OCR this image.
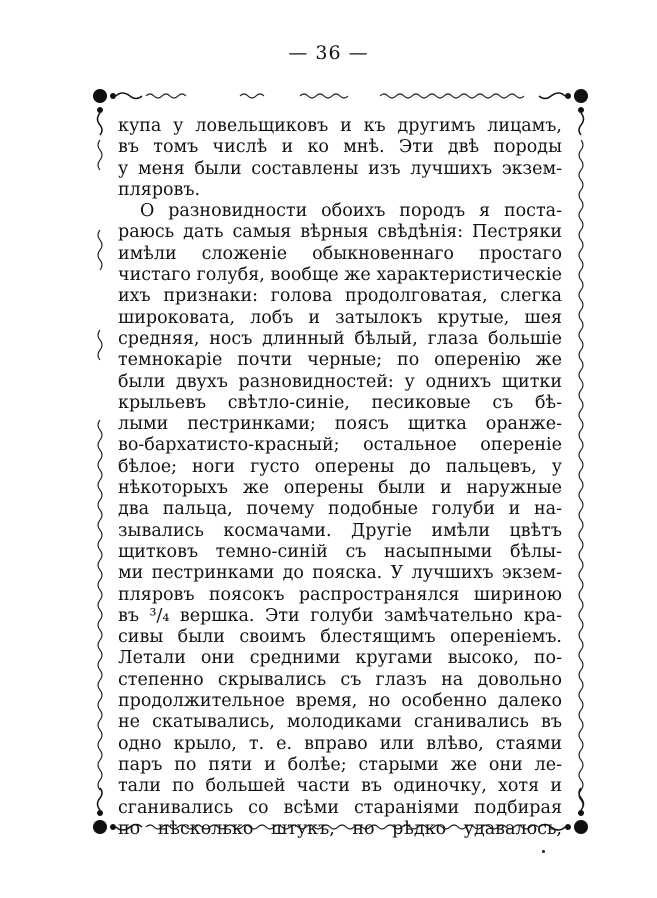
— 36 —
купа у ловельщиковъ и къ другимъ лицамъ,
въ томъ числѣ и ко мнѣ. Эти двѣ породы
у меня были составлены изъ лучшихъ экзем-
пляровъ.
О разновидности обоихъ породъ я поста-
раюсь дать самыя вѣрныя свѣдѣнія: Пестряки
имѣли сложеніе обыкновеннаго простаго
чистаго голубя, вообще же характеристическіе
ихъ признаки: голова продолговатая, слегка
широковата, лобъ и затылокъ крутые, шея
средняя, носъ длинный бѣлый, глаза большіе
темнокаріе почти черные; по оперенію же
были двухъ разновидностей: у однихъ щитки
крыльевъ свѣтло-синіе, песиковые съ бѣ-
лыми пестринками; поясъ щитка оранже-
во-бархатисто-красный; остальное опереніе
бѣлое; ноги густо оперены до пальцевъ, у
нѣкоторыхъ же оперены были и наружные
два пальца, почему подобные голуби и на-
зывались космачами. Другіе имѣли цвѣтъ
щитковъ темно-синій съ насыпными бѣлы-
ми пестринками до пояска. У лучшихъ экзем-
пляровъ поясокъ распространялся шириною
въ ³/₄ вершка. Эти голуби замѣчательно кра-
сивы были своимъ блестящимъ опереніемъ.
Летали они средними кругами высоко, по-
степенно скрывались съ глазъ на довольно
продолжительное время, но особенно далеко
не скатывались, молодиками сганивались въ
одно крыло, т. е. вправо или влѣво, стаями
паръ по пяти и болѣе; старыми же они ле-
тали по большей части въ одиночку, хотя и
сганивались со всѣми стараніями подбирая
по нѣсколько штукъ, но рѣдко удавалось,
